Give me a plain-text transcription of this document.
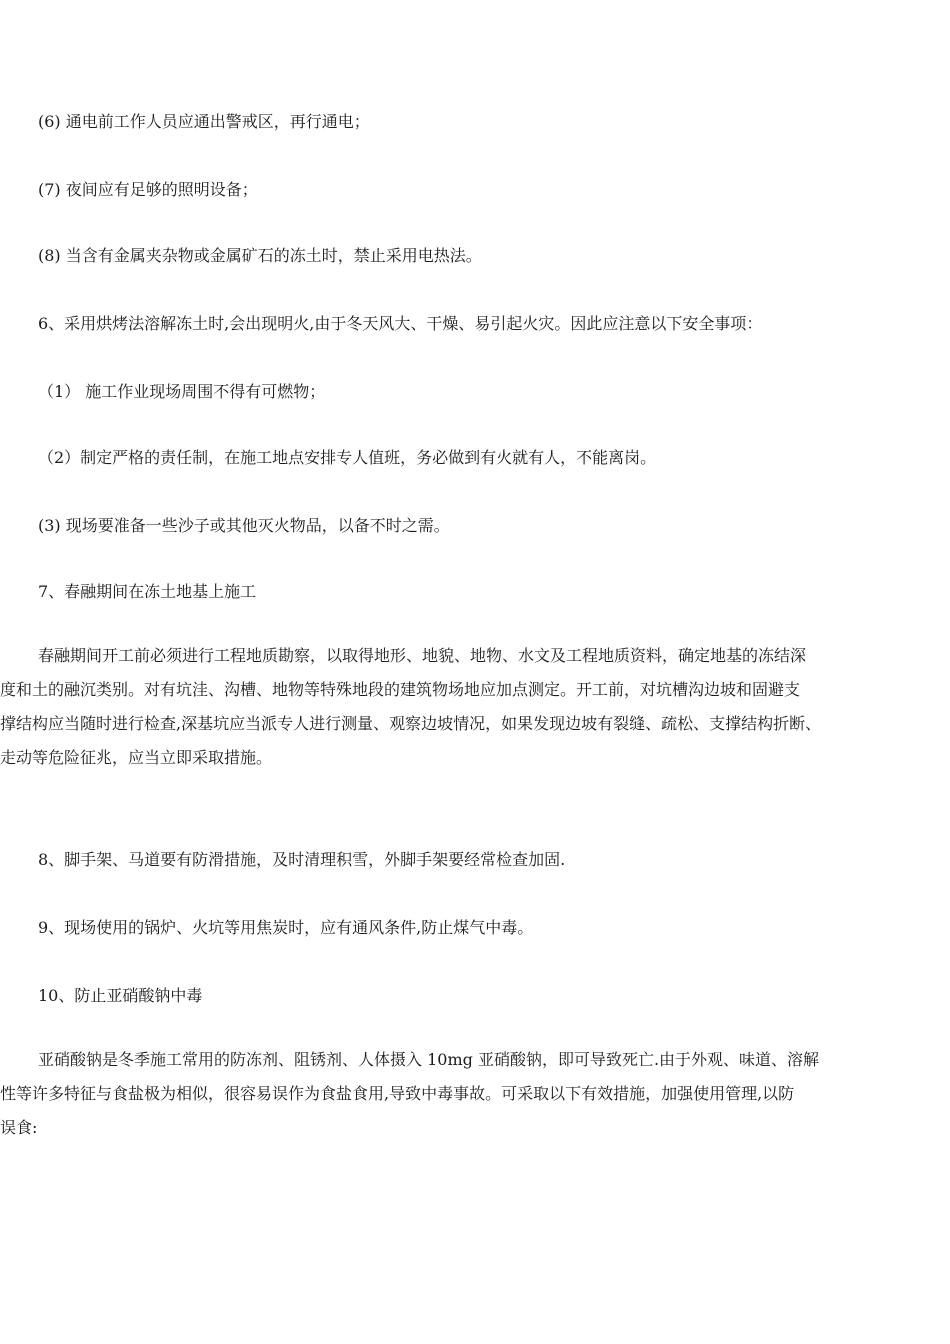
(6) 通电前工作人员应通出警戒区，再行通电；
(7) 夜间应有足够的照明设备；
(8) 当含有金属夹杂物或金属矿石的冻土时，禁止采用电热法。
6、采用烘烤法溶解冻土时,会出现明火,由于冬天风大、干燥、易引起火灾。因此应注意以下安全事项：
（1） 施工作业现场周围不得有可燃物；
（2）制定严格的责任制，在施工地点安排专人值班，务必做到有火就有人，不能离岗。
(3) 现场要准备一些沙子或其他灭火物品，以备不时之需。
7、春融期间在冻土地基上施工
春融期间开工前必须进行工程地质勘察，以取得地形、地貌、地物、水文及工程地质资料，确定地基的冻结深
度和土的融沉类别。对有坑洼、沟槽、地物等特殊地段的建筑物场地应加点测定。开工前，对坑槽沟边坡和固避支
撑结构应当随时进行检查,深基坑应当派专人进行测量、观察边坡情况，如果发现边坡有裂缝、疏松、支撑结构折断、
走动等危险征兆，应当立即采取措施。
8、脚手架、马道要有防滑措施，及时清理积雪，外脚手架要经常检查加固.
9、现场使用的锅炉、火坑等用焦炭时，应有通风条件,防止煤气中毒。
10、防止亚硝酸钠中毒
亚硝酸钠是冬季施工常用的防冻剂、阻锈剂、人体摄入 10mg 亚硝酸钠，即可导致死亡.由于外观、味道、溶解
性等许多特征与食盐极为相似，很容易误作为食盐食用,导致中毒事故。可采取以下有效措施，加强使用管理,以防
误食:
